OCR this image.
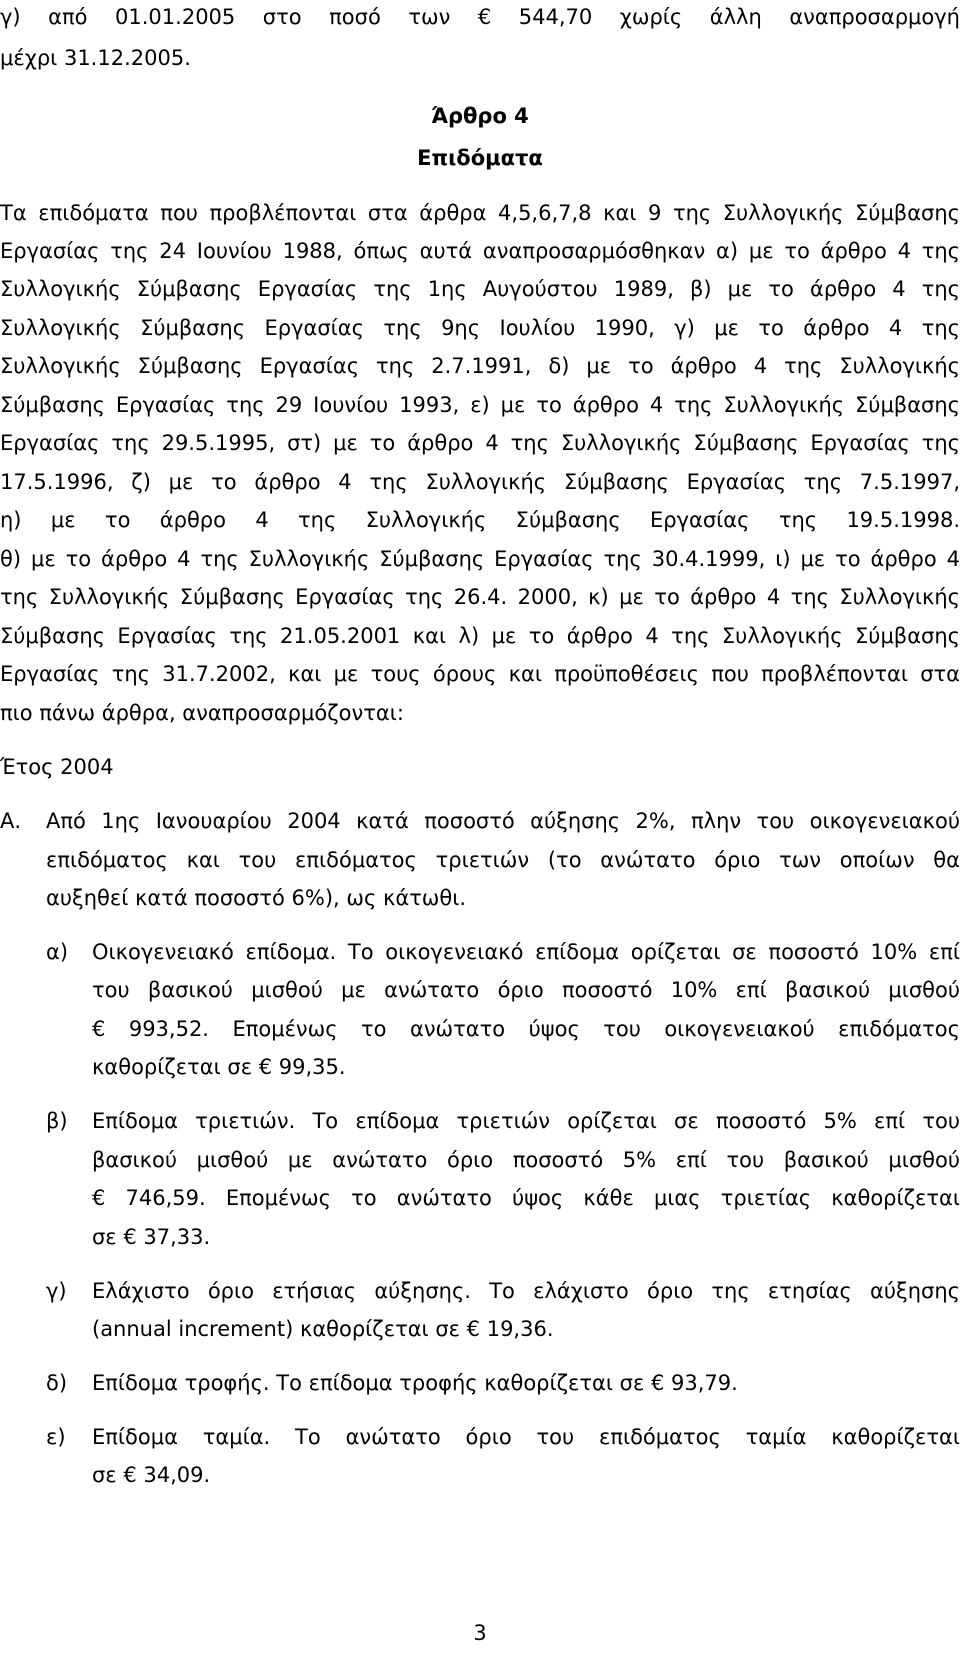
γ) από 01.01.2005 στο ποσό των € 544,70 χωρίς άλλη αναπροσαρμογή
μέχρι 31.12.2005.
Άρθρο 4
Επιδόματα
Τα επιδόματα που προβλέπονται στα άρθρα 4,5,6,7,8 και 9 της Συλλογικής Σύμβασης
Εργασίας της 24 Ιουνίου 1988, όπως αυτά αναπροσαρμόσθηκαν α) με το άρθρο 4 της
Συλλογικής Σύμβασης Εργασίας της 1ης Αυγούστου 1989, β) με το άρθρο 4 της
Συλλογικής Σύμβασης Εργασίας της 9ης Ιουλίου 1990, γ) με το άρθρο 4 της
Συλλογικής Σύμβασης Εργασίας της 2.7.1991, δ) με το άρθρο 4 της Συλλογικής
Σύμβασης Εργασίας της 29 Ιουνίου 1993, ε) με το άρθρο 4 της Συλλογικής Σύμβασης
Εργασίας της 29.5.1995, στ) με το άρθρο 4 της Συλλογικής Σύμβασης Εργασίας της
17.5.1996, ζ) με το άρθρο 4 της Συλλογικής Σύμβασης Εργασίας της 7.5.1997,
η) με το άρθρο 4 της Συλλογικής Σύμβασης Εργασίας της 19.5.1998.
θ) με το άρθρο 4 της Συλλογικής Σύμβασης Εργασίας της 30.4.1999, ι) με το άρθρο 4
της Συλλογικής Σύμβασης Εργασίας της 26.4. 2000, κ) με το άρθρο 4 της Συλλογικής
Σύμβασης Εργασίας της 21.05.2001 και λ) με το άρθρο 4 της Συλλογικής Σύμβασης
Εργασίας της 31.7.2002, και με τους όρους και προϋποθέσεις που προβλέπονται στα
πιο πάνω άρθρα, αναπροσαρμόζονται:
Έτος 2004
Α. Από 1ης Ιανουαρίου 2004 κατά ποσοστό αύξησης 2%, πλην του οικογενειακού
επιδόματος και του επιδόματος τριετιών (το ανώτατο όριο των οποίων θα
αυξηθεί κατά ποσοστό 6%), ως κάτωθι.
α) Οικογενειακό επίδομα. Το οικογενειακό επίδομα ορίζεται σε ποσοστό 10% επί
του βασικού μισθού με ανώτατο όριο ποσοστό 10% επί βασικού μισθού
€ 993,52. Επομένως το ανώτατο ύψος του οικογενειακού επιδόματος
καθορίζεται σε € 99,35.
β) Επίδομα τριετιών. Το επίδομα τριετιών ορίζεται σε ποσοστό 5% επί του
βασικού μισθού με ανώτατο όριο ποσοστό 5% επί του βασικού μισθού
€ 746,59. Επομένως το ανώτατο ύψος κάθε μιας τριετίας καθορίζεται
σε € 37,33.
γ) Ελάχιστο όριο ετήσιας αύξησης. Το ελάχιστο όριο της ετησίας αύξησης
(annual increment) καθορίζεται σε € 19,36.
δ) Επίδομα τροφής. Το επίδομα τροφής καθορίζεται σε € 93,79.
ε) Επίδομα ταμία. Το ανώτατο όριο του επιδόματος ταμία καθορίζεται
σε € 34,09.
3
